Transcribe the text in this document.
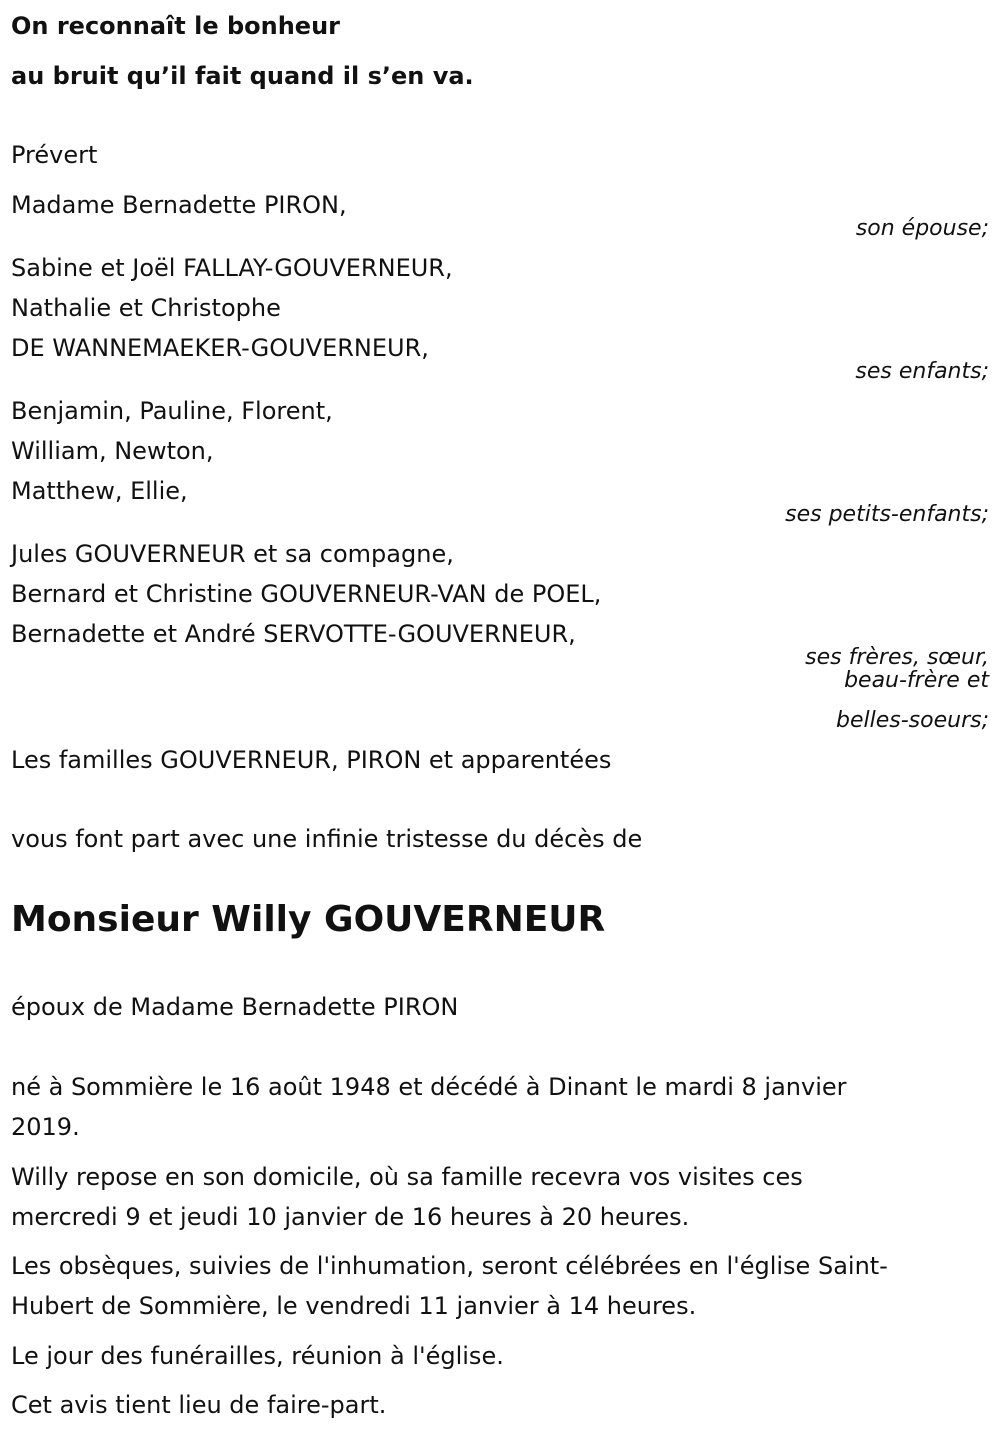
On reconnaît le bonheur
au bruit qu’il fait quand il s’en va.
Prévert
Madame Bernadette PIRON,
son épouse;
Sabine et Joël FALLAY-GOUVERNEUR,
Nathalie et Christophe
DE WANNEMAEKER-GOUVERNEUR,
ses enfants;
Benjamin, Pauline, Florent,
William, Newton,
Matthew, Ellie,
ses petits-enfants;
Jules GOUVERNEUR et sa compagne,
Bernard et Christine GOUVERNEUR-VAN de POEL,
Bernadette et André SERVOTTE-GOUVERNEUR,
ses frères, sœur,
beau-frère et
belles-soeurs;
Les familles GOUVERNEUR, PIRON et apparentées
vous font part avec une infinie tristesse du décès de
Monsieur Willy GOUVERNEUR
époux de Madame Bernadette PIRON
né à Sommière le 16 août 1948 et décédé à Dinant le mardi 8 janvier
2019.
Willy repose en son domicile, où sa famille recevra vos visites ces
mercredi 9 et jeudi 10 janvier de 16 heures à 20 heures.
Les obsèques, suivies de l'inhumation, seront célébrées en l'église Saint-
Hubert de Sommière, le vendredi 11 janvier à 14 heures.
Le jour des funérailles, réunion à l'église.
Cet avis tient lieu de faire-part.
